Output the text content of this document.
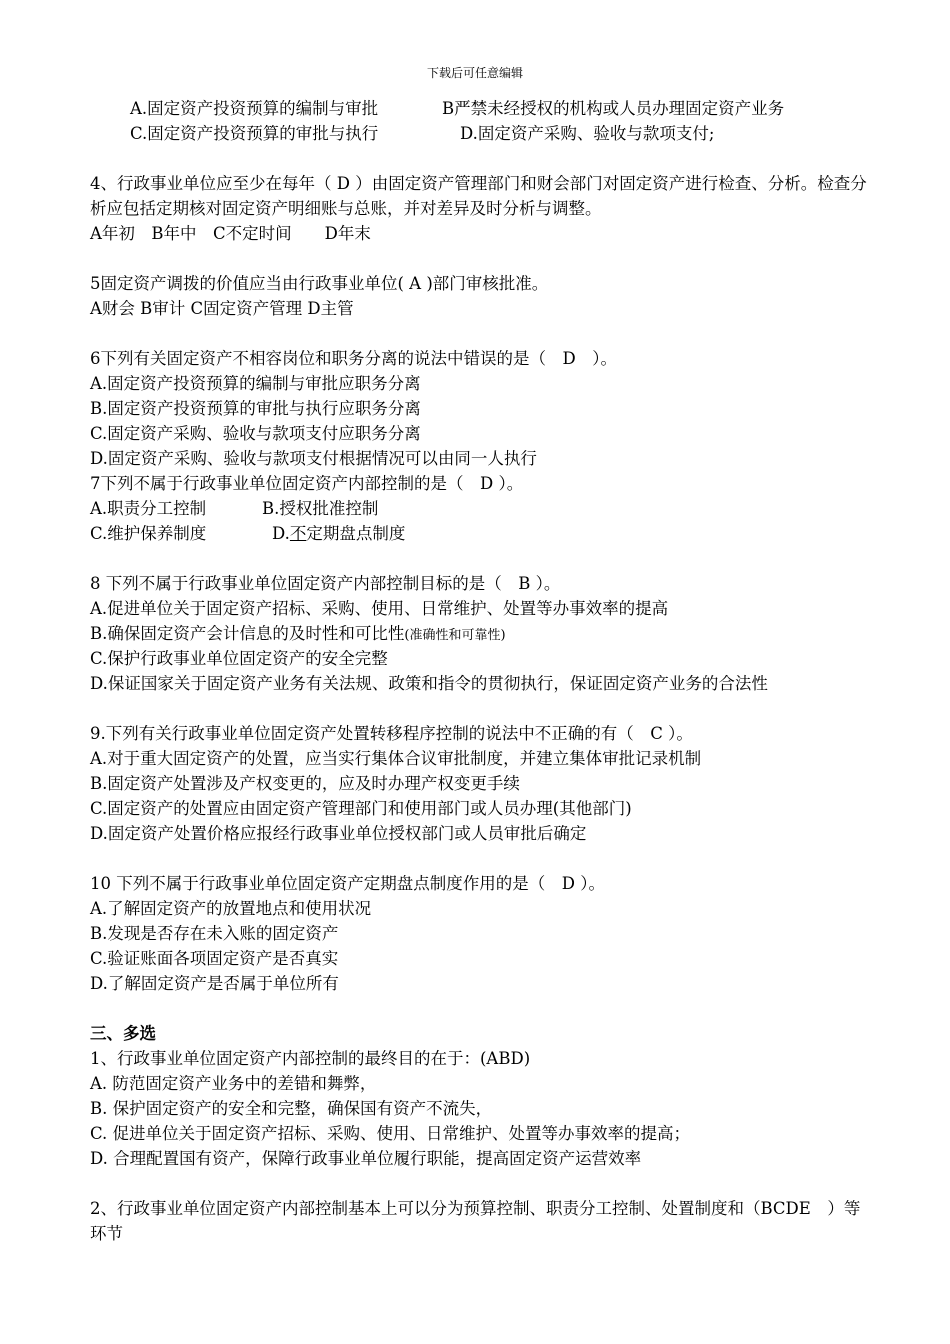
下载后可任意编辑
A.固定资产投资预算的编制与审批	B严禁未经授权的机构或人员办理固定资产业务
C.固定资产投资预算的审批与执行	D.固定资产采购、验收与款项支付;
4、行政事业单位应至少在每年（ D ）由固定资产管理部门和财会部门对固定资产进行检查、分析。检查分析应包括定期核对固定资产明细账与总账，并对差异及时分析与调整。
A年初　B年中　C不定时间　　D年末
5固定资产调拨的价值应当由行政事业单位( A )部门审核批准。
A财会 B审计 C固定资产管理 D主管
6下列有关固定资产不相容岗位和职务分离的说法中错误的是（　D　）。
A.固定资产投资预算的编制与审批应职务分离
B.固定资产投资预算的审批与执行应职务分离
C.固定资产采购、验收与款项支付应职务分离
D.固定资产采购、验收与款项支付根据情况可以由同一人执行
7下列不属于行政事业单位固定资产内部控制的是（　D ）。
A.职责分工控制	B.授权批准控制
C.维护保养制度	D.不定期盘点制度
8 下列不属于行政事业单位固定资产内部控制目标的是（　B ）。
A.促进单位关于固定资产招标、采购、使用、日常维护、处置等办事效率的提高
B.确保固定资产会计信息的及时性和可比性(准确性和可靠性)
C.保护行政事业单位固定资产的安全完整
D.保证国家关于固定资产业务有关法规、政策和指令的贯彻执行，保证固定资产业务的合法性
9.下列有关行政事业单位固定资产处置转移程序控制的说法中不正确的有（　C ）。
A.对于重大固定资产的处置，应当实行集体合议审批制度，并建立集体审批记录机制
B.固定资产处置涉及产权变更的，应及时办理产权变更手续
C.固定资产的处置应由固定资产管理部门和使用部门或人员办理(其他部门)
D.固定资产处置价格应报经行政事业单位授权部门或人员审批后确定
10 下列不属于行政事业单位固定资产定期盘点制度作用的是（　D ）。
A.了解固定资产的放置地点和使用状况
B.发现是否存在未入账的固定资产
C.验证账面各项固定资产是否真实
D.了解固定资产是否属于单位所有
三、多选
1、行政事业单位固定资产内部控制的最终目的在于：(ABD)
A. 防范固定资产业务中的差错和舞弊，
B. 保护固定资产的安全和完整，确保国有资产不流失，
C. 促进单位关于固定资产招标、采购、使用、日常维护、处置等办事效率的提高；
D. 合理配置国有资产，保障行政事业单位履行职能，提高固定资产运营效率
2、行政事业单位固定资产内部控制基本上可以分为预算控制、职责分工控制、处置制度和（BCDE　）等环节
